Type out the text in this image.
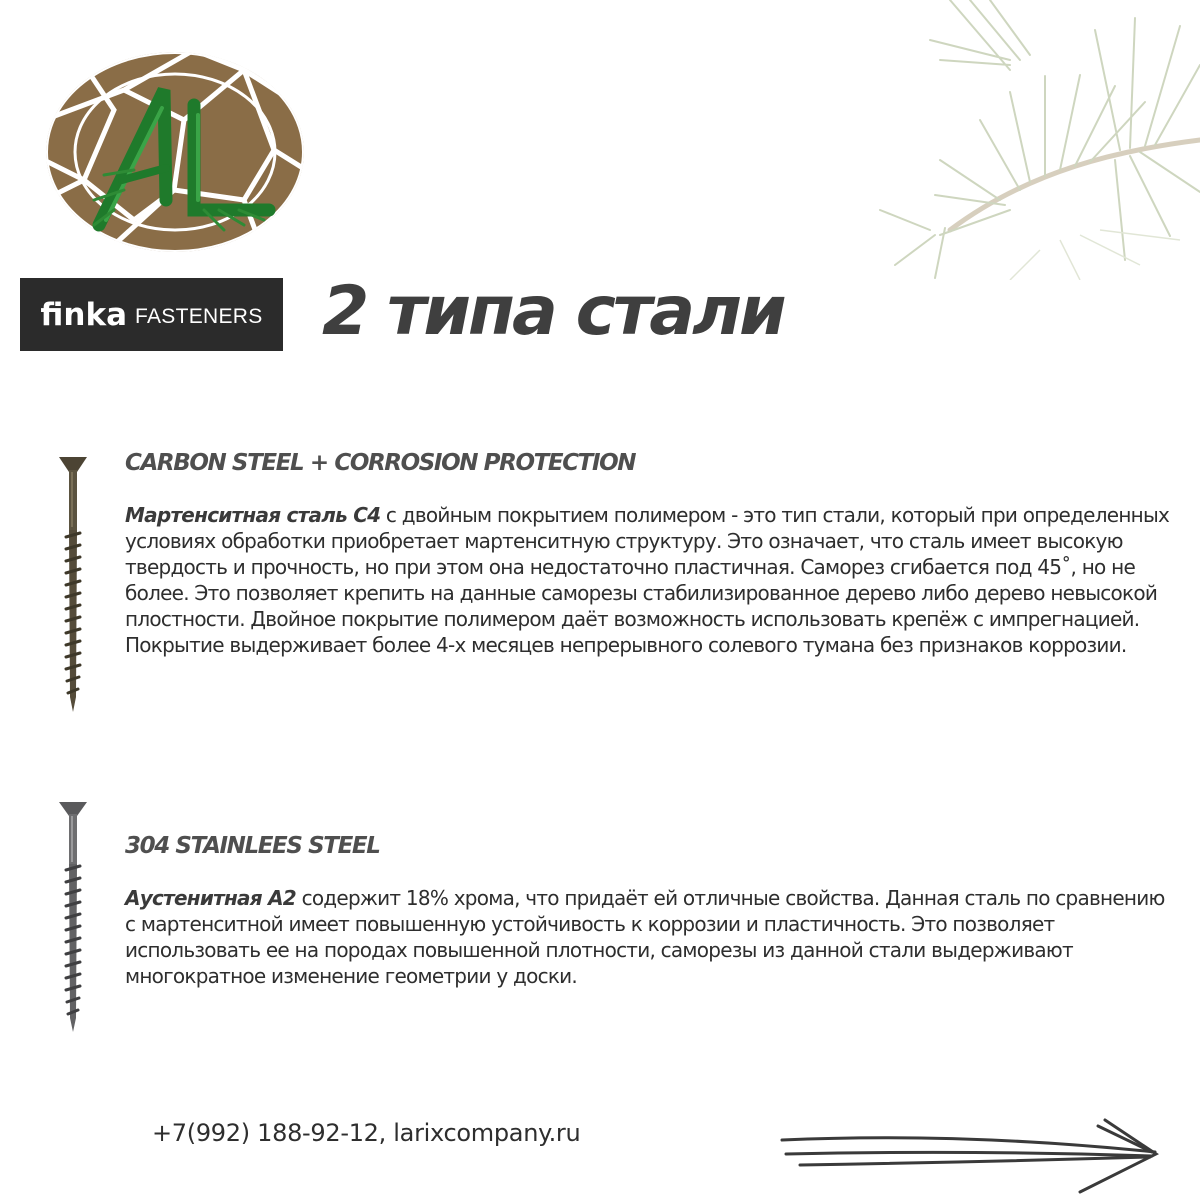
finka FASTENERS 2 типа стали
CARBON STEEL + CORROSION PROTECTION

Мартенситная сталь C4 с двойным покрытием полимером - это тип стали, который при определенных условиях обработки приобретает мартенситную структуру. Это означает, что сталь имеет высокую твердость и прочность, но при этом она недостаточно пластичная. Саморез сгибается под 45˚, но не более. Это позволяет крепить на данные саморезы стабилизированное дерево либо дерево невысокой плостности. Двойное покрытие полимером даёт возможность использовать крепёж с импрегнацией. Покрытие выдерживает более 4-х месяцев непрерывного солевого тумана без признаков коррозии.

304 STAINLEES STEEL

Аустенитная A2 содержит 18% хрома, что придаёт ей отличные свойства. Данная сталь по сравнению с мартенситной имеет повышенную устойчивость к коррозии и пластичность. Это позволяет использовать ее на породах повышенной плотности, саморезы из данной стали выдерживают многократное изменение геометрии у доски.

+7(992) 188-92-12, larixcompany.ru
